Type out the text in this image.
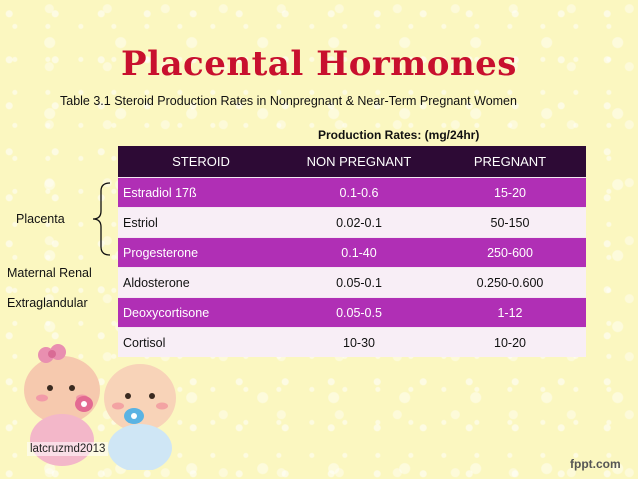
Placental Hormones
Table 3.1 Steroid Production Rates in Nonpregnant & Near-Term Pregnant Women
Production Rates: (mg/24hr)
STEROID	NON PREGNANT	PREGNANT
Estradiol 17ß	0.1-0.6	15-20
Estriol	0.02-0.1	50-150
Progesterone	0.1-40	250-600
Aldosterone	0.05-0.1	0.250-0.600
Deoxycortisone	0.05-0.5	1-12
Cortisol	10-30	10-20
Placenta
Maternal Renal
Extraglandular
latcruzmd2013
fppt.com
